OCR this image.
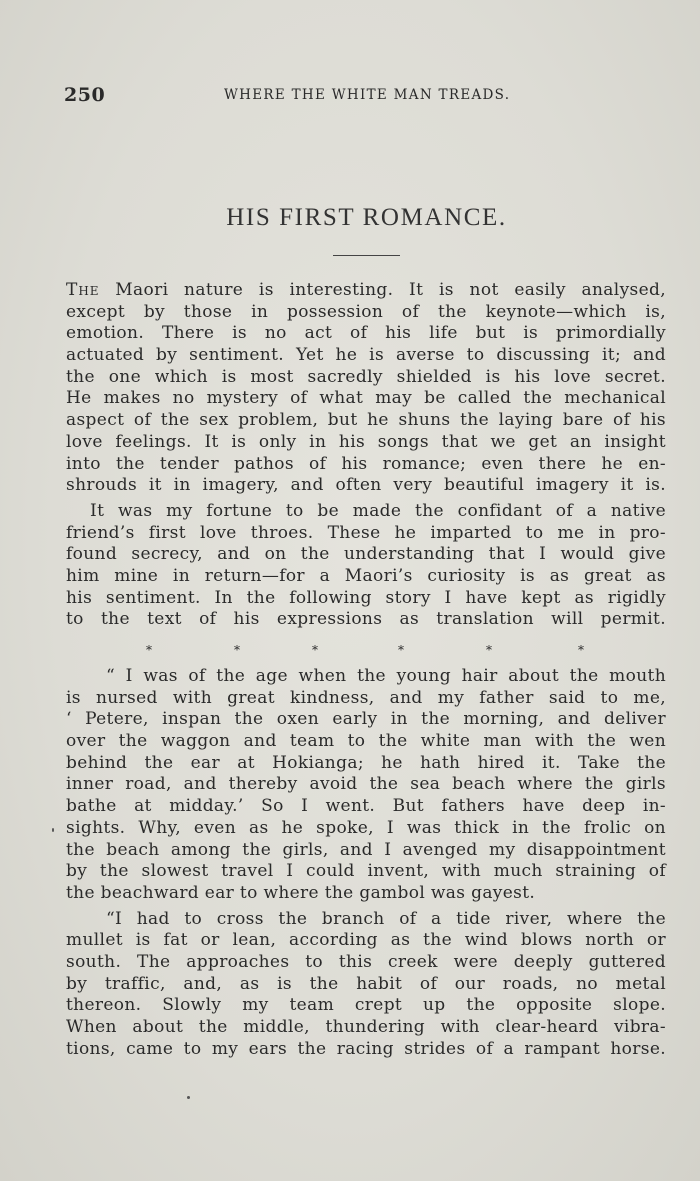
250	WHERE THE WHITE MAN TREADS.
HIS FIRST ROMANCE.
The Maori nature is interesting. It is not easily analysed,
except by those in possession of the keynote—which is,
emotion. There is no act of his life but is primordially
actuated by sentiment. Yet he is averse to discussing it; and
the one which is most sacredly shielded is his love secret.
He makes no mystery of what may be called the mechanical
aspect of the sex problem, but he shuns the laying bare of his
love feelings. It is only in his songs that we get an insight
into the tender pathos of his romance; even there he en-
shrouds it in imagery, and often very beautiful imagery it is.
It was my fortune to be made the confidant of a native
friend’s first love throes. These he imparted to me in pro-
found secrecy, and on the understanding that I would give
him mine in return—for a Maori’s curiosity is as great as
his sentiment. In the following story I have kept as rigidly
to the text of his expressions as translation will permit.
*	*	*	*	*	*
“ I was of the age when the young hair about the mouth
is nursed with great kindness, and my father said to me,
‘ Petere, inspan the oxen early in the morning, and deliver
over the waggon and team to the white man with the wen
behind the ear at Hokianga; he hath hired it. Take the
inner road, and thereby avoid the sea beach where the girls
bathe at midday.’ So I went. But fathers have deep in-
sights. Why, even as he spoke, I was thick in the frolic on
the beach among the girls, and I avenged my disappointment
by the slowest travel I could invent, with much straining of
the beachward ear to where the gambol was gayest.
“I had to cross the branch of a tide river, where the
mullet is fat or lean, according as the wind blows north or
south. The approaches to this creek were deeply guttered
by traffic, and, as is the habit of our roads, no metal
thereon. Slowly my team crept up the opposite slope.
When about the middle, thundering with clear-heard vibra-
tions, came to my ears the racing strides of a rampant horse.
